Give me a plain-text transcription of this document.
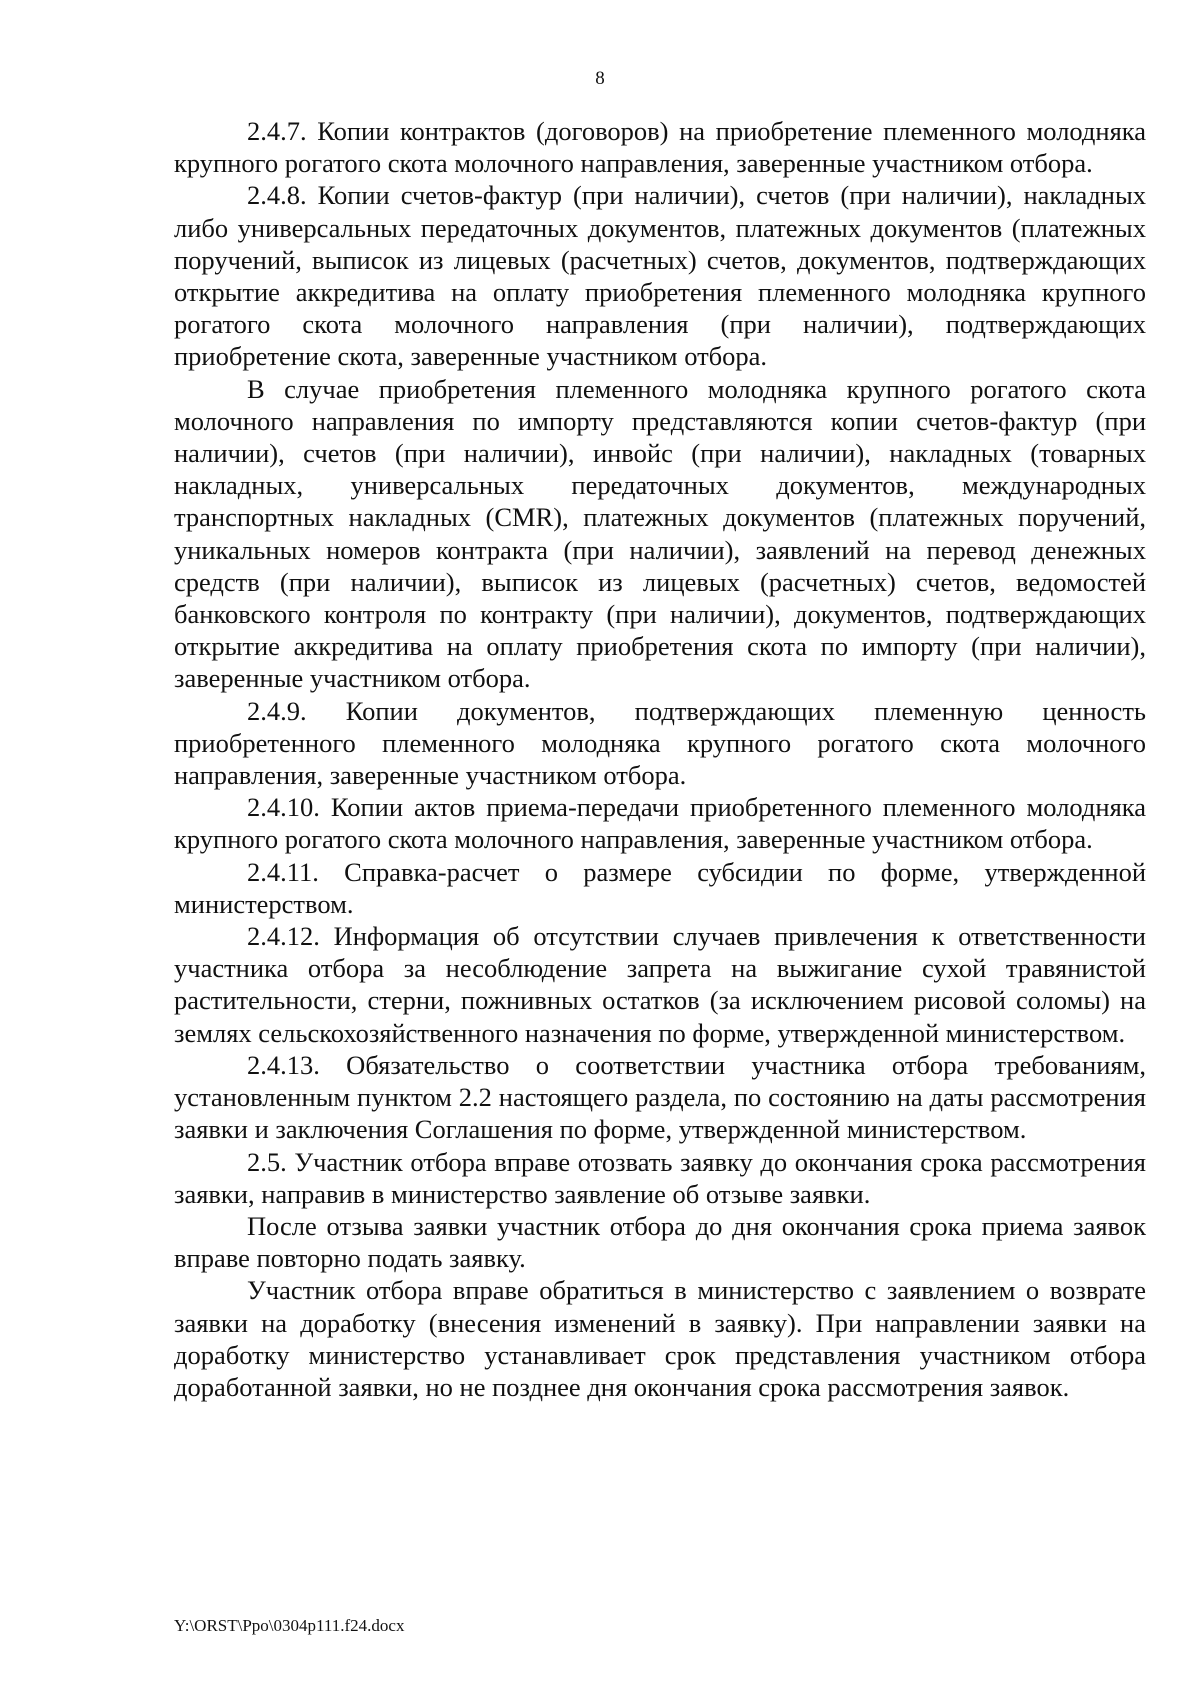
8

2.4.7. Копии контрактов (договоров) на приобретение племенного молодняка крупного рогатого скота молочного направления, заверенные участником отбора.

2.4.8. Копии счетов-фактур (при наличии), счетов (при наличии), накладных либо универсальных передаточных документов, платежных документов (платежных поручений, выписок из лицевых (расчетных) счетов, документов, подтверждающих открытие аккредитива на оплату приобретения племенного молодняка крупного рогатого скота молочного направления (при наличии), подтверждающих приобретение скота, заверенные участником отбора.

В случае приобретения племенного молодняка крупного рогатого скота молочного направления по импорту представляются копии счетов-фактур (при наличии), счетов (при наличии), инвойс (при наличии), накладных (товарных накладных, универсальных передаточных документов, международных транспортных накладных (CMR), платежных документов (платежных поручений, уникальных номеров контракта (при наличии), заявлений на перевод денежных средств (при наличии), выписок из лицевых (расчетных) счетов, ведомостей банковского контроля по контракту (при наличии), документов, подтверждающих открытие аккредитива на оплату приобретения скота по импорту (при наличии), заверенные участником отбора.

2.4.9. Копии документов, подтверждающих племенную ценность приобретенного племенного молодняка крупного рогатого скота молочного направления, заверенные участником отбора.

2.4.10. Копии актов приема-передачи приобретенного племенного молодняка крупного рогатого скота молочного направления, заверенные участником отбора.

2.4.11. Справка-расчет о размере субсидии по форме, утвержденной министерством.

2.4.12. Информация об отсутствии случаев привлечения к ответственности участника отбора за несоблюдение запрета на выжигание сухой травянистой растительности, стерни, пожнивных остатков (за исключением рисовой соломы) на землях сельскохозяйственного назначения по форме, утвержденной министерством.

2.4.13. Обязательство о соответствии участника отбора требованиям, установленным пунктом 2.2 настоящего раздела, по состоянию на даты рассмотрения заявки и заключения Соглашения по форме, утвержденной министерством.

2.5. Участник отбора вправе отозвать заявку до окончания срока рассмотрения заявки, направив в министерство заявление об отзыве заявки.

После отзыва заявки участник отбора до дня окончания срока приема заявок вправе повторно подать заявку.

Участник отбора вправе обратиться в министерство с заявлением о возврате заявки на доработку (внесения изменений в заявку). При направлении заявки на доработку министерство устанавливает срок представления участником отбора доработанной заявки, но не позднее дня окончания срока рассмотрения заявок.

Y:\ORST\Ppo\0304p111.f24.docx
